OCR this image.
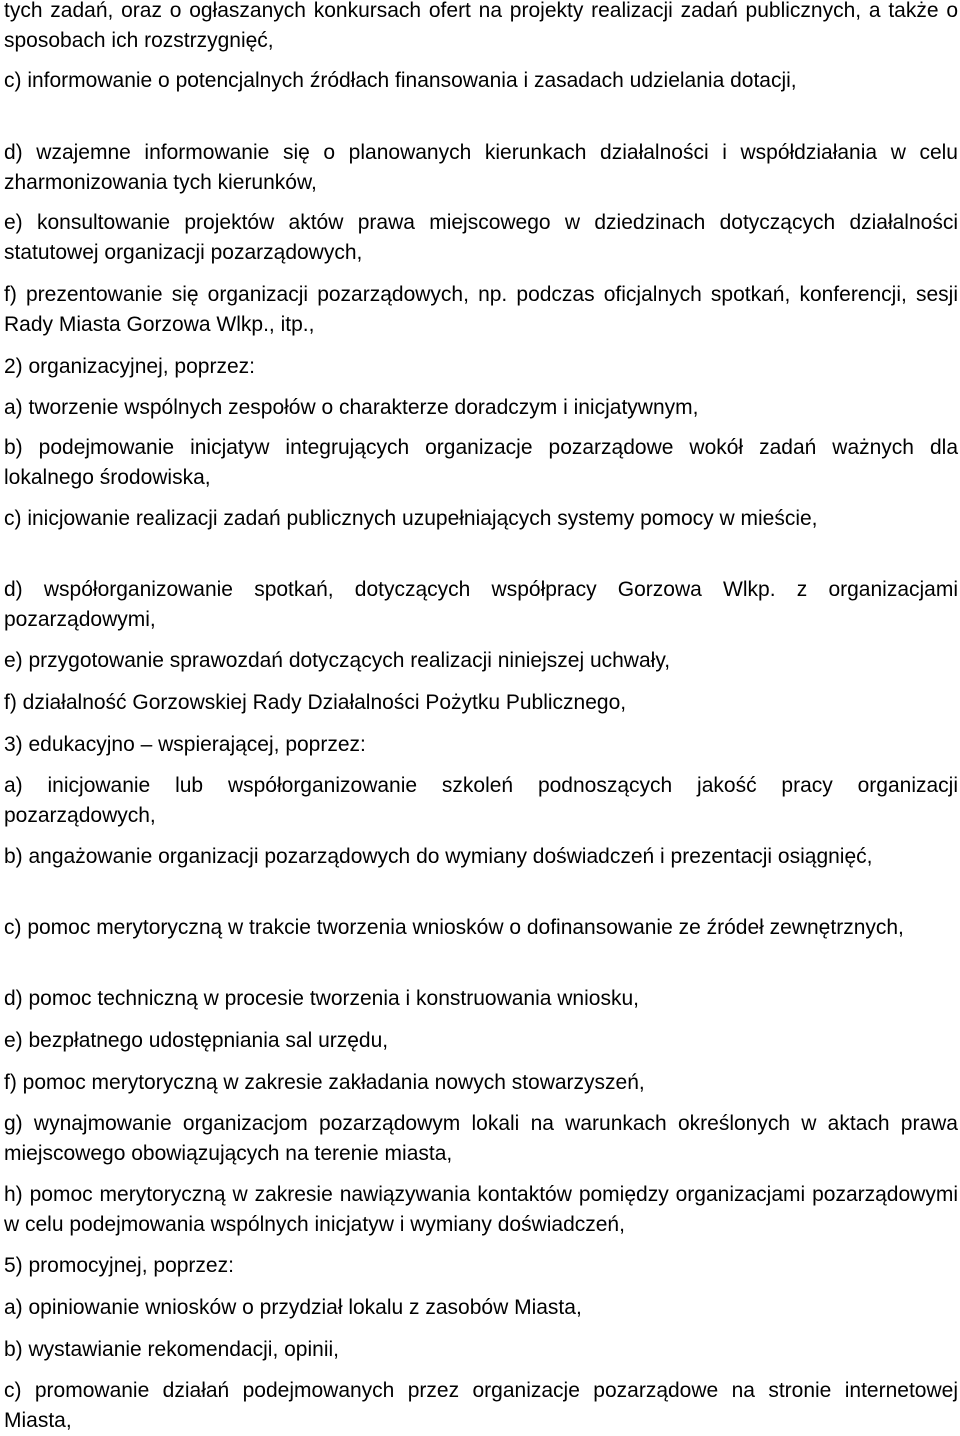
tych zadań, oraz o ogłaszanych konkursach ofert na projekty realizacji zadań publicznych, a także o sposobach ich rozstrzygnięć,

c) informowanie o potencjalnych źródłach finansowania i zasadach udzielania dotacji,

d) wzajemne informowanie się o planowanych kierunkach działalności i współdziałania w celu zharmonizowania tych kierunków,

e) konsultowanie projektów aktów prawa miejscowego w dziedzinach dotyczących działalności statutowej organizacji pozarządowych,

f) prezentowanie się organizacji pozarządowych, np. podczas oficjalnych spotkań, konferencji, sesji Rady Miasta Gorzowa Wlkp., itp.,

2) organizacyjnej, poprzez:

a) tworzenie wspólnych zespołów o charakterze doradczym i inicjatywnym,

b) podejmowanie inicjatyw integrujących organizacje pozarządowe wokół zadań ważnych dla lokalnego środowiska,

c) inicjowanie realizacji zadań publicznych uzupełniających systemy pomocy w mieście,

d) współorganizowanie spotkań, dotyczących współpracy Gorzowa Wlkp. z organizacjami pozarządowymi,

e) przygotowanie sprawozdań dotyczących realizacji niniejszej uchwały,

f) działalność Gorzowskiej Rady Działalności Pożytku Publicznego,

3) edukacyjno – wspierającej, poprzez:

a) inicjowanie lub współorganizowanie szkoleń podnoszących jakość pracy organizacji pozarządowych,

b) angażowanie organizacji pozarządowych do wymiany doświadczeń i prezentacji osiągnięć,

c) pomoc merytoryczną w trakcie tworzenia wniosków o dofinansowanie ze źródeł zewnętrznych,

d) pomoc techniczną w procesie tworzenia i konstruowania wniosku,

e) bezpłatnego udostępniania sal urzędu,

f) pomoc merytoryczną w zakresie zakładania nowych stowarzyszeń,

g) wynajmowanie organizacjom pozarządowym lokali na warunkach określonych w aktach prawa miejscowego obowiązujących na terenie miasta,

h) pomoc merytoryczną w zakresie nawiązywania kontaktów pomiędzy organizacjami pozarządowymi w celu podejmowania wspólnych inicjatyw i wymiany doświadczeń,

5) promocyjnej, poprzez:

a) opiniowanie wniosków o przydział lokalu z zasobów Miasta,

b) wystawianie rekomendacji, opinii,

c) promowanie działań podejmowanych przez organizacje pozarządowe na stronie internetowej Miasta,
